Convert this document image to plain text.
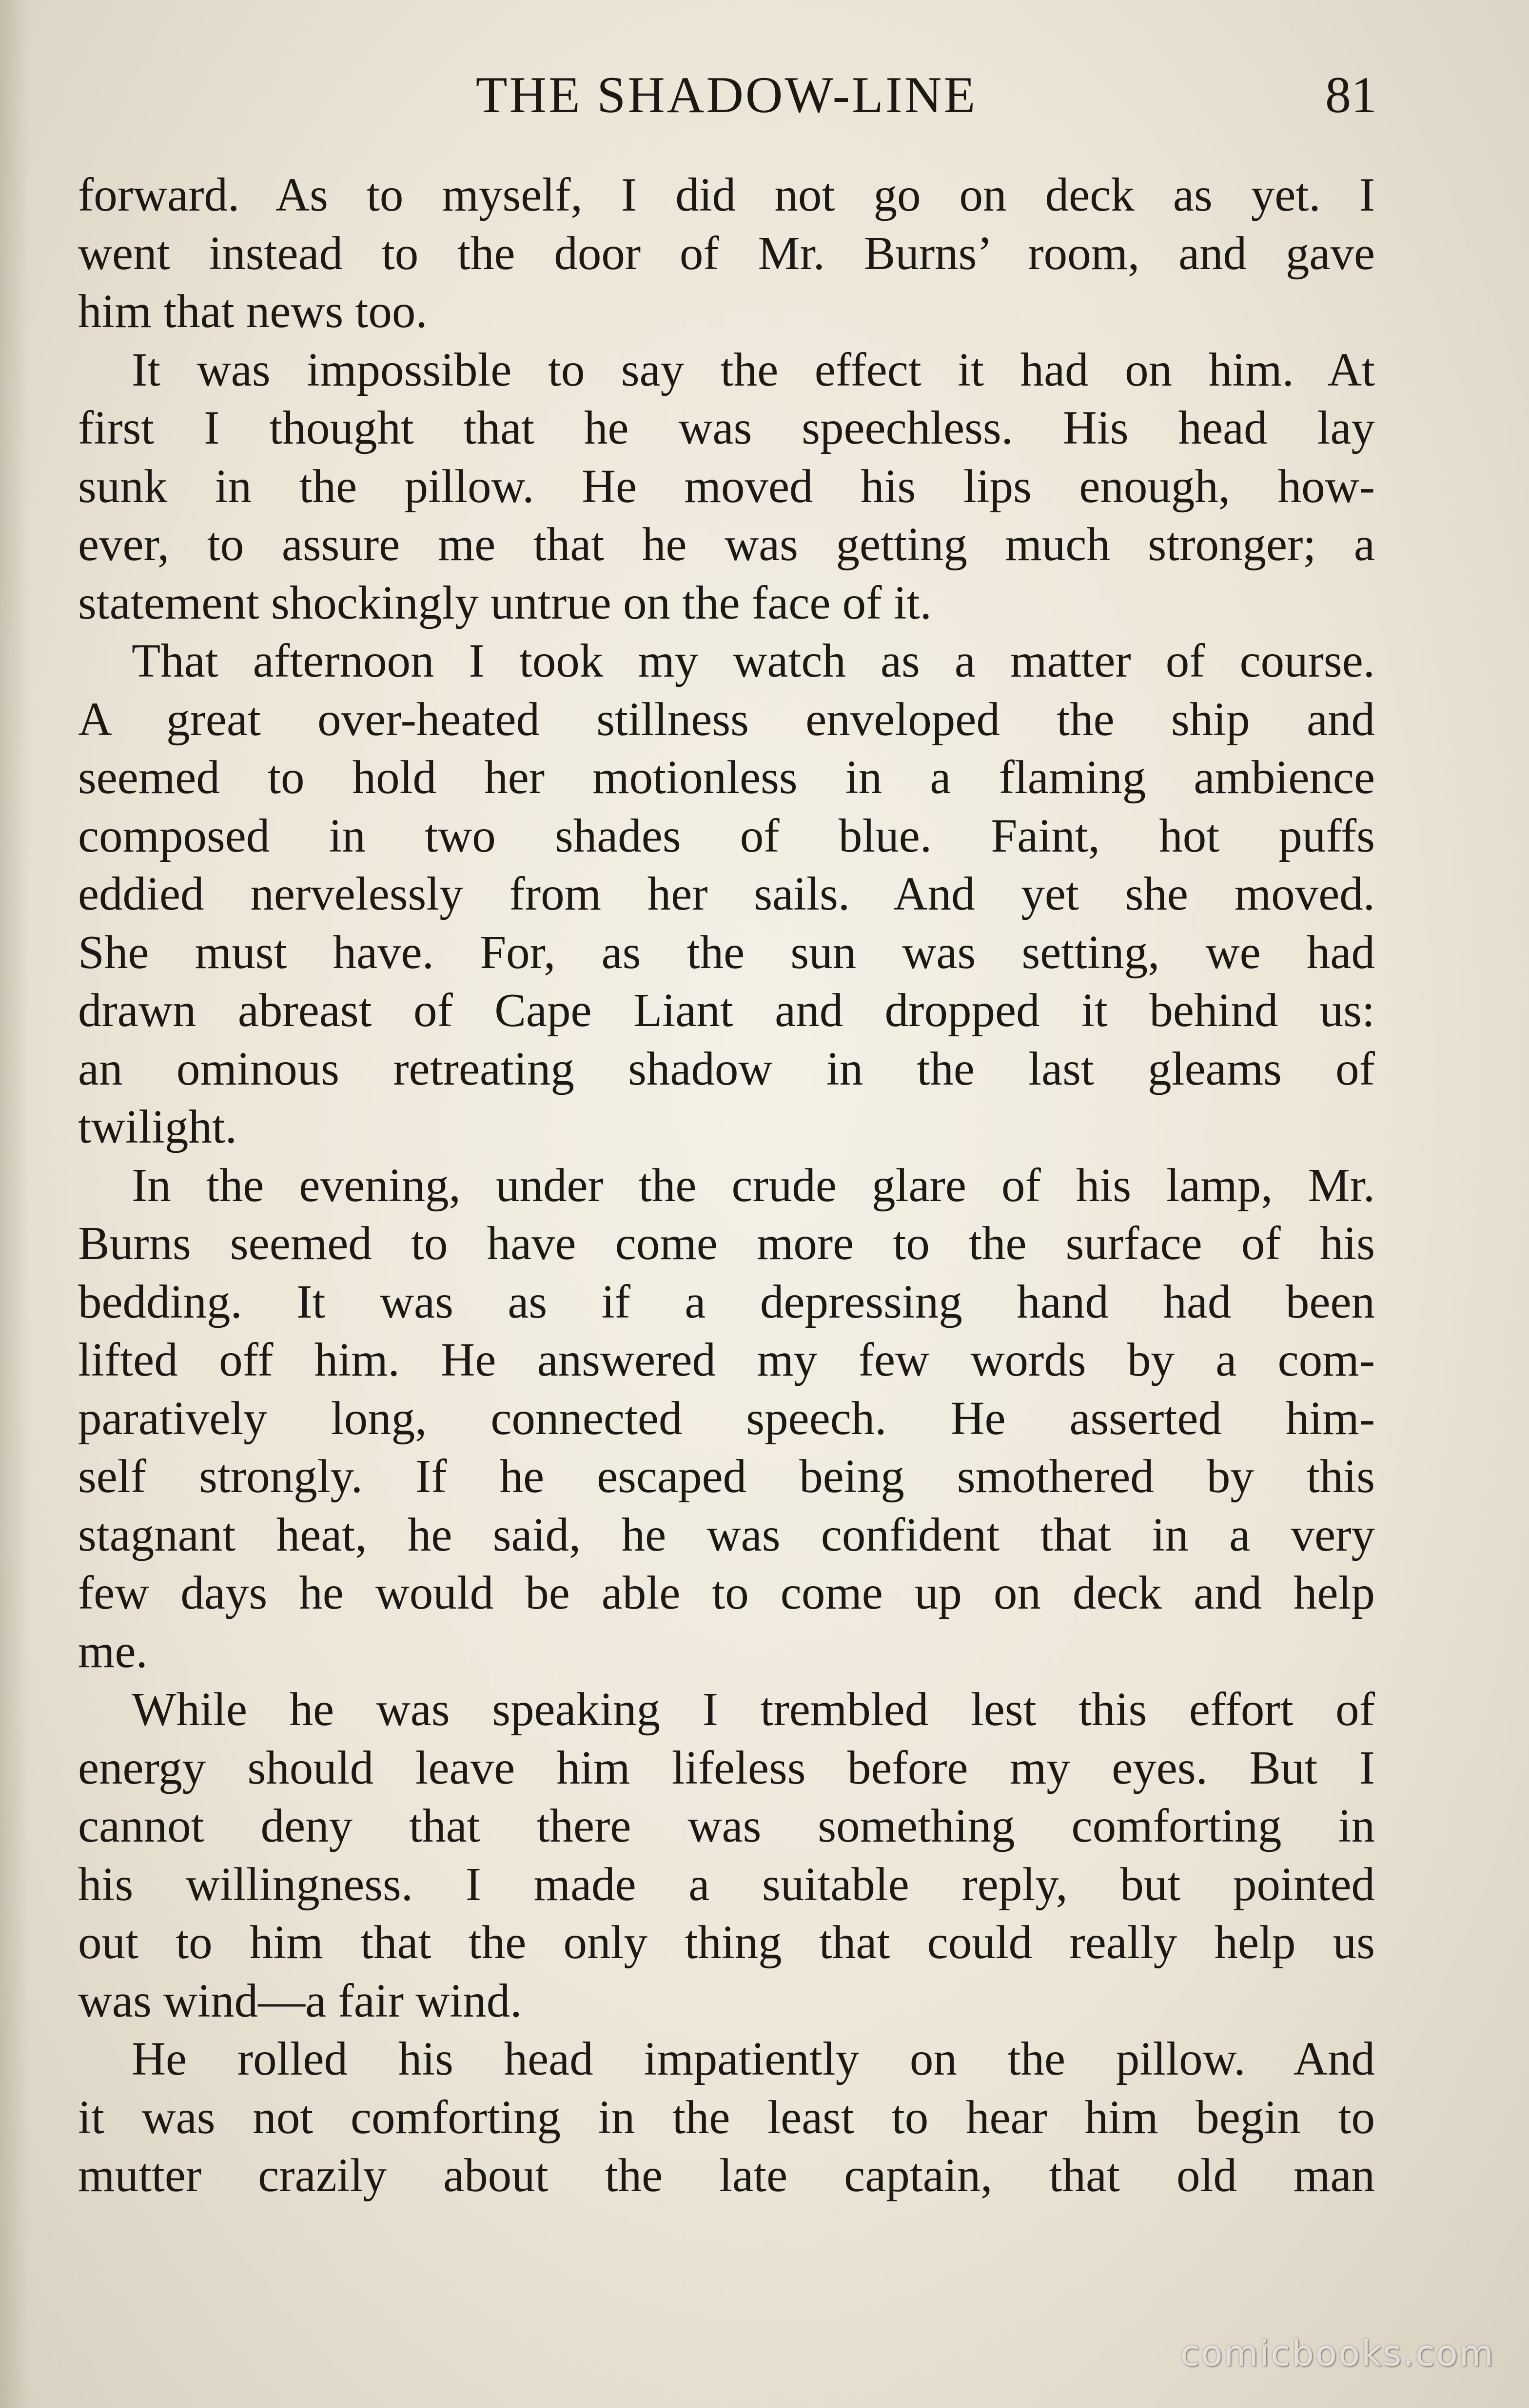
THE SHADOW-LINE	81
forward. As to myself, I did not go on deck as yet. I
went instead to the door of Mr. Burns’ room, and gave
him that news too.
It was impossible to say the effect it had on him. At
first I thought that he was speechless. His head lay
sunk in the pillow. He moved his lips enough, how-
ever, to assure me that he was getting much stronger; a
statement shockingly untrue on the face of it.
That afternoon I took my watch as a matter of course.
A great over-heated stillness enveloped the ship and
seemed to hold her motionless in a flaming ambience
composed in two shades of blue. Faint, hot puffs
eddied nervelessly from her sails. And yet she moved.
She must have. For, as the sun was setting, we had
drawn abreast of Cape Liant and dropped it behind us:
an ominous retreating shadow in the last gleams of
twilight.
In the evening, under the crude glare of his lamp, Mr.
Burns seemed to have come more to the surface of his
bedding. It was as if a depressing hand had been
lifted off him. He answered my few words by a com-
paratively long, connected speech. He asserted him-
self strongly. If he escaped being smothered by this
stagnant heat, he said, he was confident that in a very
few days he would be able to come up on deck and help
me.
While he was speaking I trembled lest this effort of
energy should leave him lifeless before my eyes. But I
cannot deny that there was something comforting in
his willingness. I made a suitable reply, but pointed
out to him that the only thing that could really help us
was wind—a fair wind.
He rolled his head impatiently on the pillow. And
it was not comforting in the least to hear him begin to
mutter crazily about the late captain, that old man
comicbooks.com
